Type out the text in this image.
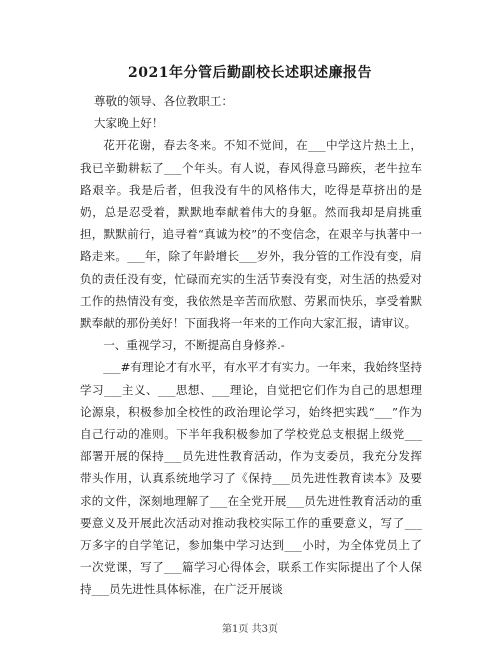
2021年分管后勤副校长述职述廉报告

尊敬的领导、各位教职工：

大家晚上好！

花开花谢，春去冬来。不知不觉间，在___中学这片热土上，我已辛勤耕耘了___个年头。有人说，春风得意马蹄疾，老牛拉车路艰辛。我是后者，但我没有牛的风格伟大，吃得是草挤出的是奶，总是忍受着，默默地奉献着伟大的身躯。然而我却是肩挑重担，默默前行，追寻着“真诚为校”的不变信念，在艰辛与执著中一路走来。___年，除了年龄增长___岁外，我分管的工作没有变，肩负的责任没有变，忙碌而充实的生活节奏没有变，对生活的热爱对工作的热情没有变，我依然是辛苦而欣慰、劳累而快乐，享受着默默奉献的那份美好！下面我将一年来的工作向大家汇报，请审议。

一、重视学习，不断提高自身修养.-

___#有理论才有水平，有水平才有实力。一年来，我始终坚持学习___主义、___思想、___理论，自觉把它们作为自己的思想理论源泉，积极参加全校性的政治理论学习，始终把实践“___”作为自己行动的准则。下半年我积极参加了学校党总支根据上级党___部署开展的保持___员先进性教育活动，作为支委员，我充分发挥带头作用，认真系统地学习了《保持___员先进性教育读本》及要求的文件，深刻地理解了___在全党开展___员先进性教育活动的重要意义及开展此次活动对推动我校实际工作的重要意义，写了___万多字的自学笔记，参加集中学习达到___小时，为全体党员上了一次党课，写了___篇学习心得体会，联系工作实际提出了个人保持___员先进性具体标准，在广泛开展谈

第1页 共3页
